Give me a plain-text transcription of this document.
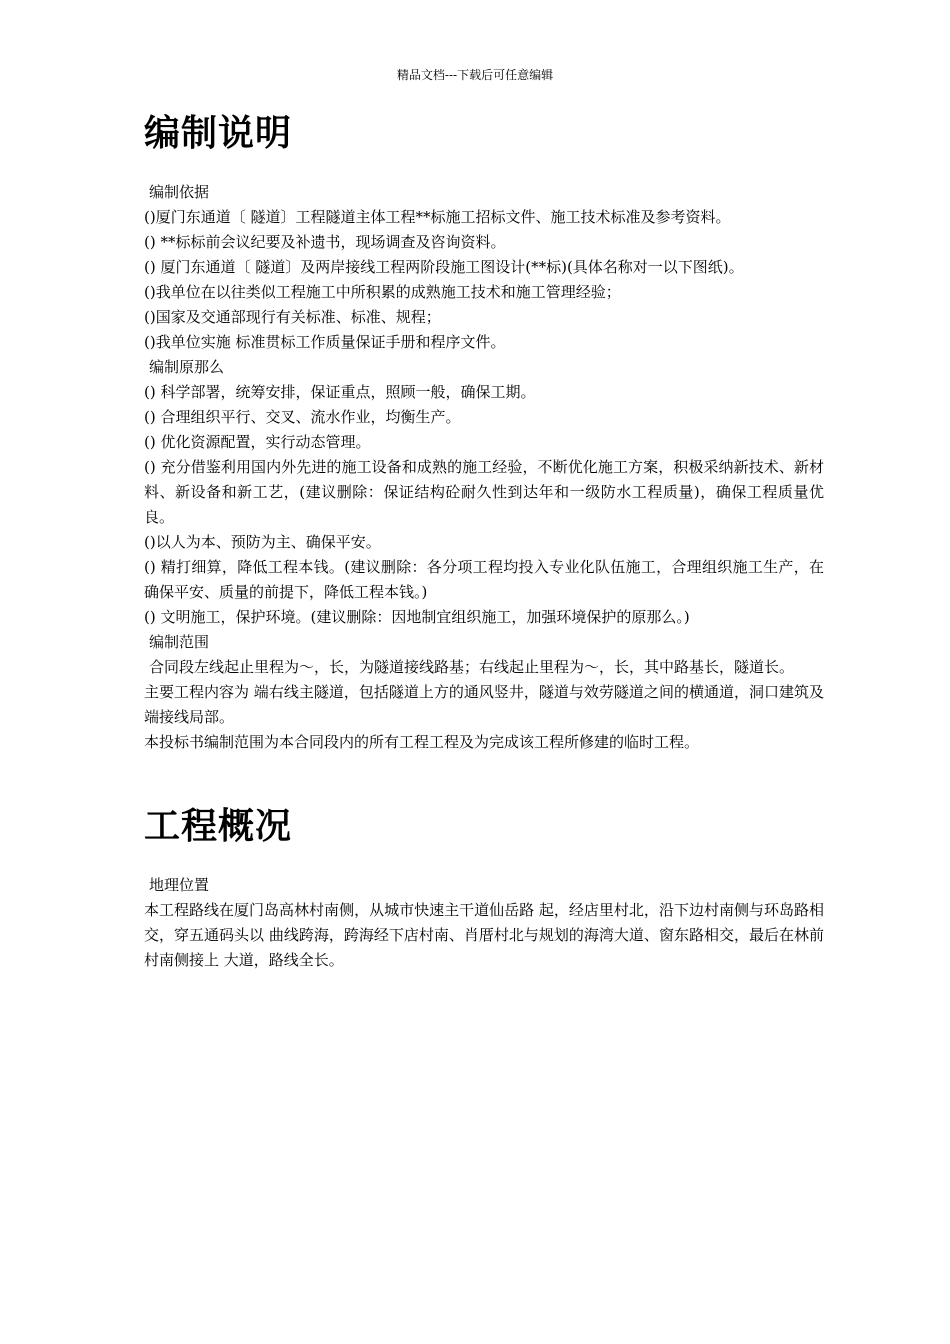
精品文档---下载后可任意编辑
编制说明

编制依据

()厦门东通道〔 隧道〕工程隧道主体工程**标施工招标文件、施工技术标准及参考资料。

() **标标前会议纪要及补遗书，现场调查及咨询资料。

() 厦门东通道〔 隧道〕及两岸接线工程两阶段施工图设计(**标)(具体名称对一以下图纸)。

()我单位在以往类似工程施工中所积累的成熟施工技术和施工管理经验；

()国家及交通部现行有关标准、标准、规程；

()我单位实施 标准贯标工作质量保证手册和程序文件。

编制原那么

() 科学部署，统筹安排，保证重点，照顾一般，确保工期。

() 合理组织平行、交叉、流水作业，均衡生产。

() 优化资源配置，实行动态管理。

() 充分借鉴利用国内外先进的施工设备和成熟的施工经验，不断优化施工方案，积极采纳新技术、新材料、新设备和新工艺，(建议删除：保证结构砼耐久性到达年和一级防水工程质量)，确保工程质量优良。

()以人为本、预防为主、确保平安。

() 精打细算，降低工程本钱。(建议删除：各分项工程均投入专业化队伍施工，合理组织施工生产，在确保平安、质量的前提下，降低工程本钱。)

() 文明施工，保护环境。(建议删除：因地制宜组织施工，加强环境保护的原那么。)

编制范围

合同段左线起止里程为～，长，为隧道接线路基；右线起止里程为～，长，其中路基长，隧道长。

主要工程内容为 端右线主隧道，包括隧道上方的通风竖井，隧道与效劳隧道之间的横通道，洞口建筑及 端接线局部。

本投标书编制范围为本合同段内的所有工程工程及为完成该工程所修建的临时工程。

工程概况

地理位置

本工程路线在厦门岛高林村南侧，从城市快速主干道仙岳路 起，经店里村北，沿下边村南侧与环岛路相交，穿五通码头以 曲线跨海，跨海经下店村南、肖厝村北与规划的海湾大道、窗东路相交，最后在林前村南侧接上 大道，路线全长。
